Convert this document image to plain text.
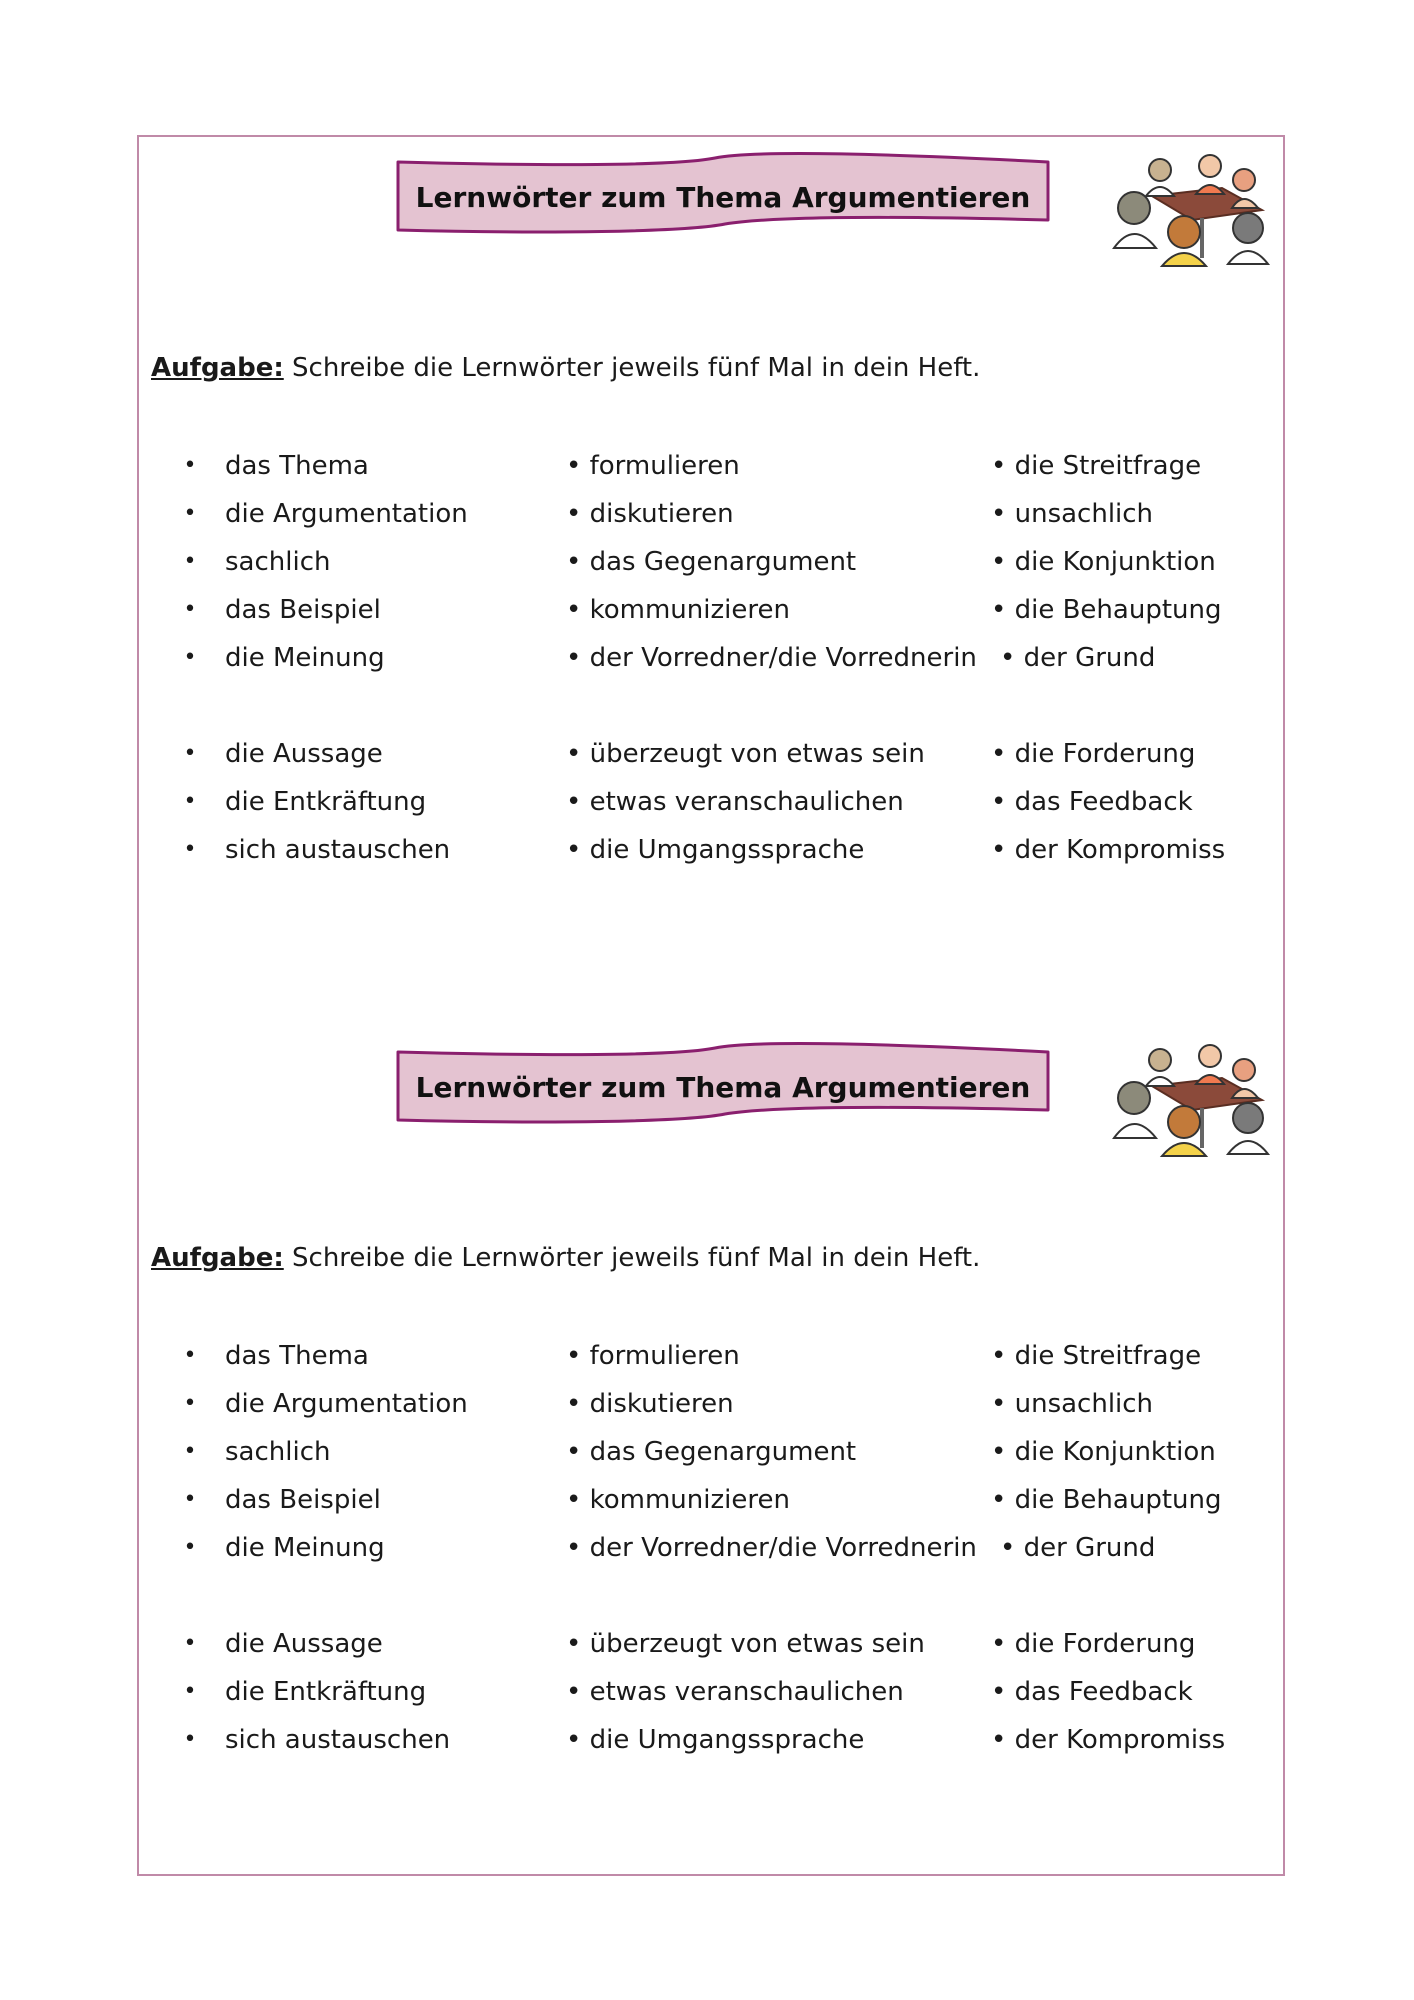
Lernwörter zum Thema Argumentieren
Aufgabe: Schreibe die Lernwörter jeweils fünf Mal in dein Heft.
• das Thema
• die Argumentation
• sachlich
• das Beispiel
• die Meinung
• die Aussage
• die Entkräftung
• sich austauschen
• formulieren
• diskutieren
• das Gegenargument
• kommunizieren
• der Vorredner/die Vorrednerin
• überzeugt von etwas sein
• etwas veranschaulichen
• die Umgangssprache
• die Streitfrage
• unsachlich
• die Konjunktion
• die Behauptung
• der Grund
• die Forderung
• das Feedback
• der Kompromiss
Lernwörter zum Thema Argumentieren
Aufgabe: Schreibe die Lernwörter jeweils fünf Mal in dein Heft.
• das Thema
• die Argumentation
• sachlich
• das Beispiel
• die Meinung
• die Aussage
• die Entkräftung
• sich austauschen
• formulieren
• diskutieren
• das Gegenargument
• kommunizieren
• der Vorredner/die Vorrednerin
• überzeugt von etwas sein
• etwas veranschaulichen
• die Umgangssprache
• die Streitfrage
• unsachlich
• die Konjunktion
• die Behauptung
• der Grund
• die Forderung
• das Feedback
• der Kompromiss
